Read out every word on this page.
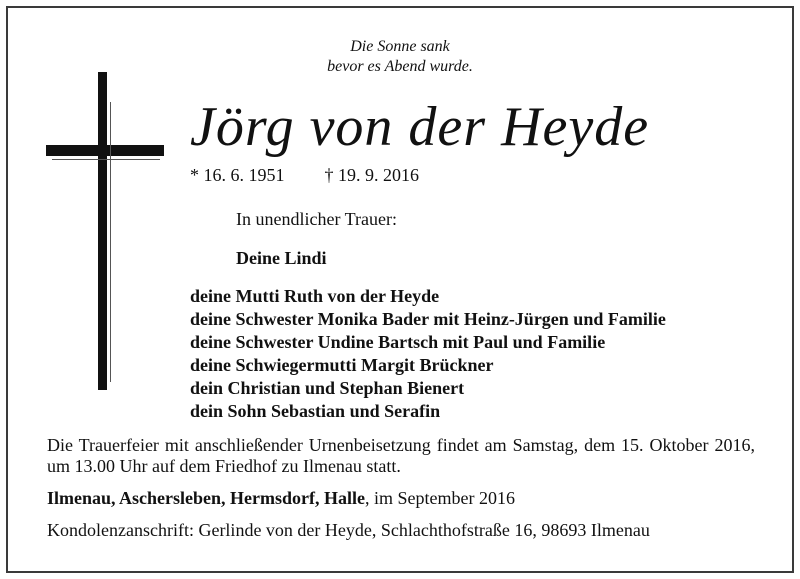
Die Sonne sank
bevor es Abend wurde.
Jörg von der Heyde
* 16. 6. 1951 † 19. 9. 2016
In unendlicher Trauer:
Deine Lindi
deine Mutti Ruth von der Heyde
deine Schwester Monika Bader mit Heinz-Jürgen und Familie
deine Schwester Undine Bartsch mit Paul und Familie
deine Schwiegermutti Margit Brückner
dein Christian und Stephan Bienert
dein Sohn Sebastian und Serafin
Die Trauerfeier mit anschließender Urnenbeisetzung findet am Samstag, dem 15. Oktober 2016, um 13.00 Uhr auf dem Friedhof zu Ilmenau statt.
Ilmenau, Aschersleben, Hermsdorf, Halle, im September 2016
Kondolenzanschrift: Gerlinde von der Heyde, Schlachthofstraße 16, 98693 Ilmenau
